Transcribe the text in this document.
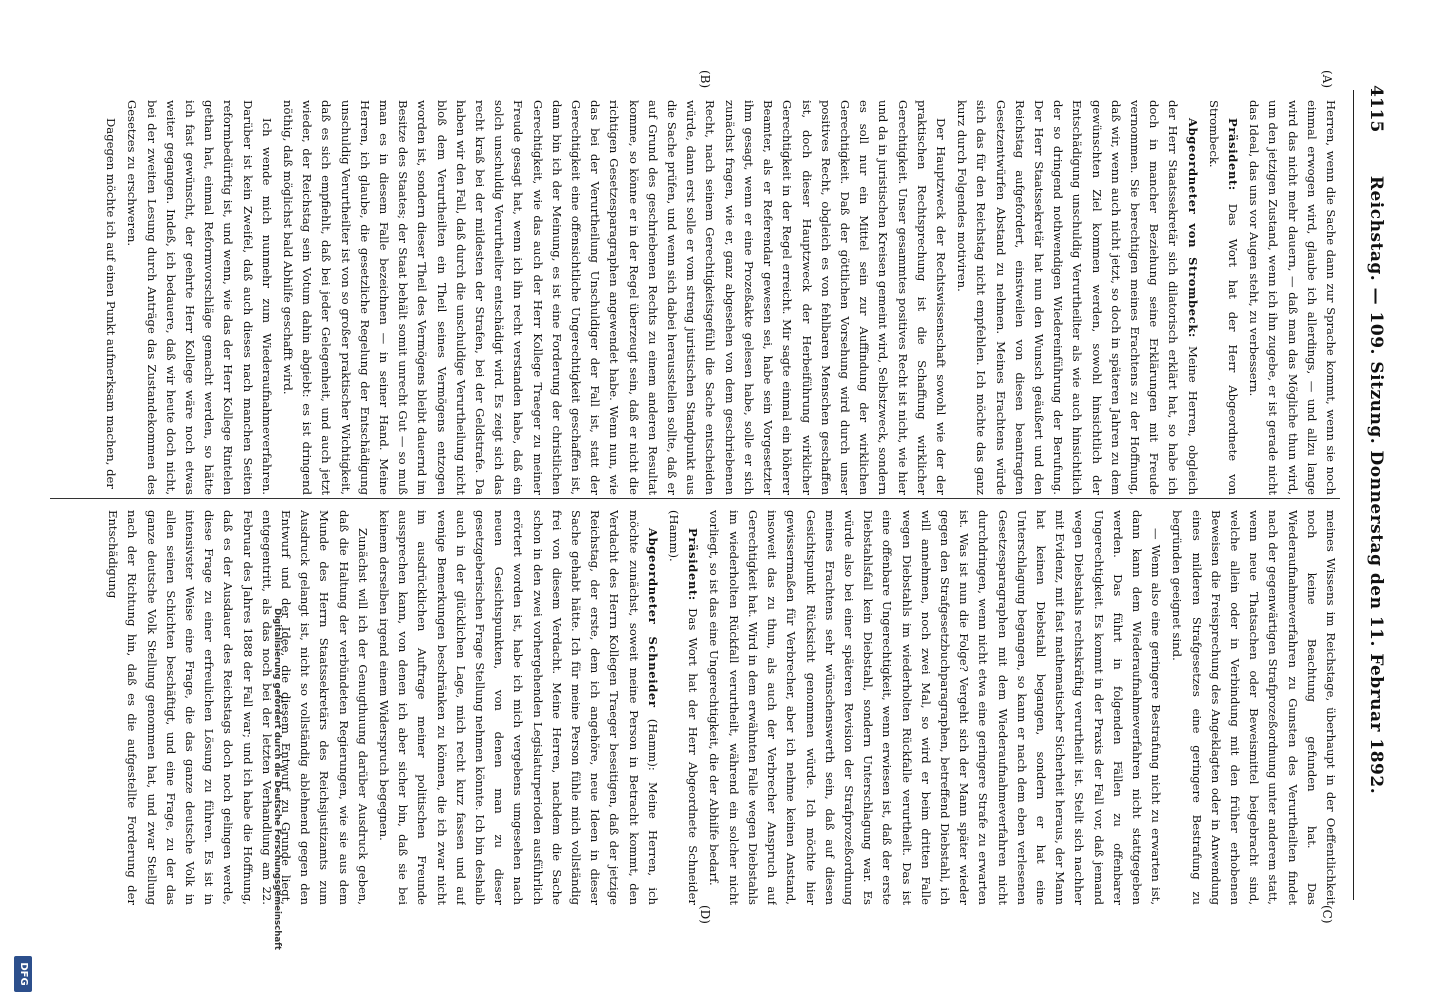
4115
Reichstag. — 109. Sitzung. Donnerstag den 11. Februar 1892.
(A)
(B)
(C)
(D)

Herren, wenn die Sache dann zur Sprache kommt, wenn sie noch einmal erwogen wird, glaube ich allerdings, — und allzu lange wird das nicht mehr dauern, — daß man das Mögliche thun wird, um den jetzigen Zustand, wenn ich ihn zugebe, er ist gerade nicht das Ideal, das uns vor Augen steht, zu verbessern.

Präsident: Das Wort hat der Herr Abgeordnete von Strombeck.

Abgeordneter von Strombeck: Meine Herren, obgleich der Herr Staatssekretär sich dilatorisch erklärt hat, so habe ich doch in mancher Beziehung seine Erklärungen mit Freude vernommen. Sie berechtigen meines Erachtens zu der Hoffnung, daß wir, wenn auch nicht jetzt, so doch in späteren Jahren zu dem gewünschten Ziel kommen werden, sowohl hinsichtlich der Entschädigung unschuldig Verurtheilter als wie auch hinsichtlich der so dringend nothwendigen Wiedereinführung der Berufung. Der Herr Staatssekretär hat nun den Wunsch geäußert und den Reichstag aufgefordert, einstweilen von diesen beantragten Gesetzentwürfen Abstand zu nehmen. Meines Erachtens würde sich das für den Reichstag nicht empfehlen. Ich möchte das ganz kurz durch Folgendes motiviren.

Der Hauptzweck der Rechtswissenschaft sowohl wie der der praktischen Rechtsprechung ist die Schaffung wirklicher Gerechtigkeit. Unser gesammtes positives Recht ist nicht, wie hier und da in juristischen Kreisen gemeint wird, Selbstzweck, sondern es soll nur ein Mittel sein zur Auffindung der wirklichen Gerechtigkeit. Daß der göttlichen Vorsehung wird durch unser positives Recht, obgleich es von fehlbaren Menschen geschaffen ist, doch dieser Hauptzweck der Herbeiführung wirklicher Gerechtigkeit in der Regel erreicht. Mir sagte einmal ein höherer Beamter, als er Referendar gewesen sei, habe sein Vorgesetzter ihm gesagt, wenn er eine Prozeßakte gelesen habe, solle er sich zunächst fragen, wie er, ganz abgesehen von dem geschriebenen Recht, nach seinem Gerechtigkeitsgefühl die Sache entscheiden würde, dann erst solle er vom streng juristischen Standpunkt aus die Sache prüfen, und wenn sich dabei herausstellen sollte, daß er auf Grund des geschriebenen Rechts zu einem anderen Resultat komme, so könne er in der Regel überzeugt sein, daß er nicht die richtigen Gesetzesparagraphen angewendet habe. Wenn nun, wie das bei der Verurtheilung Unschuldiger der Fall ist, statt der Gerechtigkeit eine offensichtliche Ungerechtigkeit geschaffen ist, dann bin ich der Meinung, es ist eine Forderung der christlichen Gerechtigkeit, wie das auch der Herr Kollege Traeger zu meiner Freude gesagt hat, wenn ich ihn recht verstanden habe, daß ein solch unschuldig Verurtheilter entschädigt wird. Es zeigt sich das recht kraß bei der mildesten der Strafen, bei der Geldstrafe. Da haben wir den Fall, daß durch die unschuldige Verurtheilung nicht bloß dem Verurtheilten ein Theil seines Vermögens entzogen worden ist, sondern dieser Theil des Vermögens bleibt dauernd im Besitze des Staates; der Staat behält somit unrecht Gut — so muß man es in diesem Falle bezeichnen — in seiner Hand. Meine Herren, ich glaube, die gesetzliche Regelung der Entschädigung unschuldig Verurtheilter ist von so großer praktischer Wichtigkeit, daß es sich empfiehlt, daß bei jeder Gelegenheit, und auch jetzt wieder, der Reichstag sein Votum dahin abgiebt: es ist dringend nöthig, daß möglichst bald Abhilfe geschafft wird.

Ich wende mich nunmehr zum Wiederaufnahmeverfahren. Darüber ist kein Zweifel, daß auch dieses nach manchen Seiten reformbedürftig ist, und wenn, wie das der Herr Kollege Rintelen gethan hat, einmal Reformvorschläge gemacht werden, so hätte ich fast gewünscht, der geehrte Herr Kollege wäre noch etwas weiter gegangen. Indeß, ich bedauere, daß wir heute doch nicht, bei der zweiten Lesung durch Anträge das Zustandekommen des Gesetzes zu erschweren.

Dagegen möchte ich auf einen Punkt aufmerksam machen, der

meines Wissens im Reichstage, überhaupt in der Oeffentlichkeit noch keine Beachtung gefunden hat. Das Wiederaufnahmeverfahren zu Gunsten des Verurtheilten findet nach der gegenwärtigen Strafprozeßordnung unter anderem statt, wenn neue Thatsachen oder Beweismittel beigebracht sind, welche allein oder in Verbindung mit den früher erhobenen Beweisen die Freisprechung des Angeklagten oder in Anwendung eines milderen Strafgesetzes eine geringere Bestrafung zu begründen geeignet sind.

— Wenn also eine geringere Bestrafung nicht zu erwarten ist, dann kann dem Wiederaufnahmeverfahren nicht stattgegeben werden. Das führt in folgenden Fällen zu offenbarer Ungerechtigkeit. Es kommt in der Praxis der Fall vor, daß jemand wegen Diebstahls rechtskräftig verurtheilt ist. Stellt sich nachher mit Evidenz, mit fast mathematischer Sicherheit heraus, der Mann hat keinen Diebstahl begangen, sondern er hat eine Unterschlagung begangen, so kann er nach dem eben verlesenen Gesetzesparagraphen mit dem Wiederaufnahmeverfahren nicht durchdringen, wenn nicht etwa eine geringere Strafe zu erwarten ist. Was ist nun die Folge? Vergeht sich der Mann später wieder gegen den Strafgesetzbuchparagraphen, betreffend Diebstahl, ich will annehmen, noch zwei Mal, so wird er beim dritten Falle wegen Diebstahls im wiederholten Rückfalle verurtheilt. Das ist eine offenbare Ungerechtigkeit, wenn erwiesen ist, daß der erste Diebstahlsfall kein Diebstahl, sondern Unterschlagung war. Es würde also bei einer späteren Revision der Strafprozeßordnung meines Erachtens sehr wünschenswerth sein, daß auf diesen Gesichtspunkt Rücksicht genommen würde. Ich möchte hier gewissermaßen für Verbrecher, aber ich nehme keinen Anstand, insoweit das zu thun, als auch der Verbrecher Anspruch auf Gerechtigkeit hat. Wird in dem erwähnten Falle wegen Diebstahls im wiederholten Rückfall verurtheilt, während ein solcher nicht vorliegt, so ist das eine Ungerechtigkeit, die der Abhilfe bedarf.

Präsident: Das Wort hat der Herr Abgeordnete Schneider (Hamm).

Abgeordneter Schneider (Hamm): Meine Herren, ich möchte zunächst, soweit meine Person in Betracht kommt, den Verdacht des Herrn Kollegen Traeger beseitigen, daß der jetzige Reichstag, der erste, dem ich angehöre, neue Ideen in dieser Sache gehabt hätte. Ich für meine Person fühle mich vollständig frei von diesem Verdacht. Meine Herren, nachdem die Sache schon in den zwei vorhergehenden Legislaturperioden ausführlich erörtert worden ist, habe ich mich vergebens umgesehen nach neuen Gesichtspunkten, von denen man zu dieser gesetzgeberischen Frage Stellung nehmen könnte. Ich bin deshalb auch in der glücklichen Lage, mich recht kurz fassen und auf wenige Bemerkungen beschränken zu können, die ich zwar nicht im ausdrücklichen Auftrage meiner politischen Freunde aussprechen kann, von denen ich aber sicher bin, daß sie bei keinem derselben irgend einem Widerspruch begegnen.

Zunächst will ich der Genugthuung darüber Ausdruck geben, daß die Haltung der verbündeten Regierungen, wie sie aus dem Munde des Herrn Staatssekretärs des Reichsjustizamts zum Ausdruck gelangt ist, nicht so vollständig ablehnend gegen den Entwurf und der Idee, die diesem Entwurf zu Grunde liegt, entgegentritt, als das noch bei der letzten Verhandlung am 22. Februar des Jahres 1888 der Fall war; und ich habe die Hoffnung, daß es der Ausdauer des Reichstags doch noch gelingen werde, diese Frage zu einer erfreulichen Lösung zu führen. Es ist in intensivster Weise eine Frage, die das ganze deutsche Volk in allen seinen Schichten beschäftigt, und eine Frage, zu der das ganze deutsche Volk Stellung genommen hat, und zwar Stellung nach der Richtung hin, daß es die aufgestellte Forderung der Entschädigung

Digitalisierung gefördert durch die Deutsche Forschungsgemeinschaft
DFG
